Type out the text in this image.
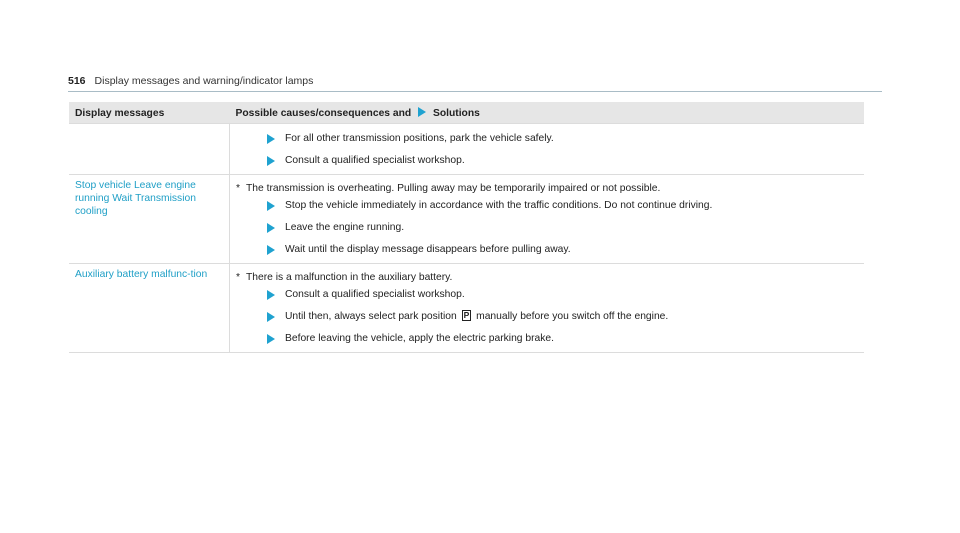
516 Display messages and warning/indicator lamps
Display messages	Possible causes/consequences and Solutions

	For all other transmission positions, park the vehicle safely.
Consult a qualified specialist workshop.

Stop vehicle Leave engine running Wait Transmission cooling	* The transmission is overheating. Pulling away may be temporarily impaired or not possible.
Stop the vehicle immediately in accordance with the traffic conditions. Do not continue driving.
Leave the engine running.
Wait until the display message disappears before pulling away.

Auxiliary battery malfunc-tion	* There is a malfunction in the auxiliary battery.
Consult a qualified specialist workshop.
Until then, always select park position P manually before you switch off the engine.
Before leaving the vehicle, apply the electric parking brake.
